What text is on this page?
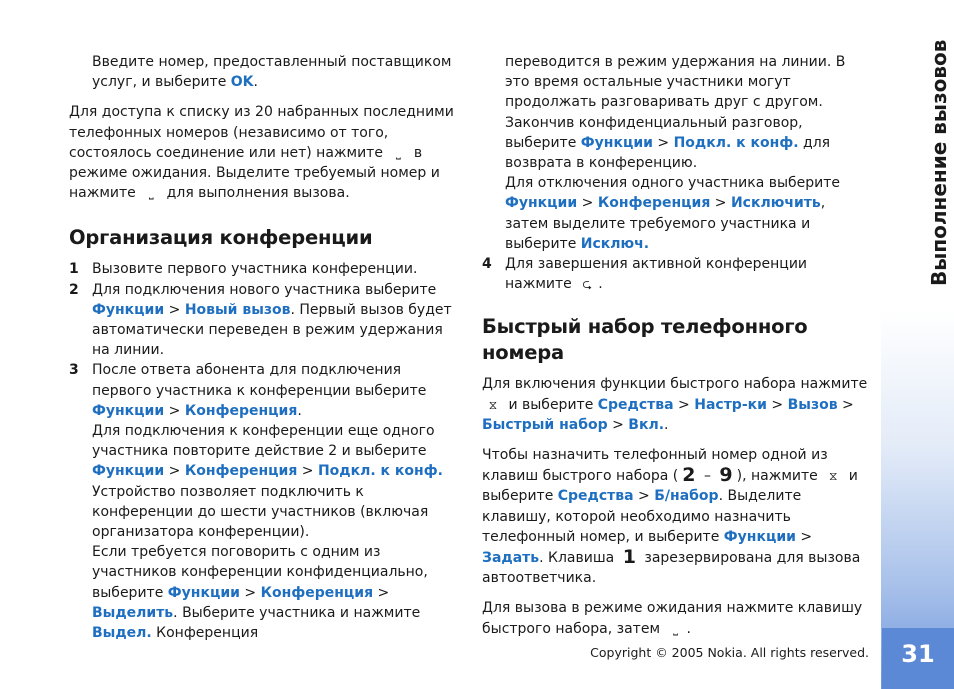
Выполнение вызовов
31
Copyright © 2005 Nokia. All rights reserved.

Введите номер, предоставленный поставщиком услуг, и выберите OK.

Для доступа к списку из 20 набранных последними телефонных номеров (независимо от того, состоялось соединение или нет) нажмите ⎵ в режиме ожидания. Выделите требуемый номер и нажмите ⎵ для выполнения вызова.

Организация конференции
1 Вызовите первого участника конференции.
2 Для подключения нового участника выберите Функции > Новый вызов. Первый вызов будет автоматически переведен в режим удержания на линии.
3 После ответа абонента для подключения первого участника к конференции выберите Функции > Конференция.

Для подключения к конференции еще одного участника повторите действие 2 и выберите Функции > Конференция > Подкл. к конф.

Устройство позволяет подключить к конференции до шести участников (включая организатора конференции).

Если требуется поговорить с одним из участников конференции конфиденциально, выберите Функции > Конференция > Выделить. Выберите участника и нажмите Выдел. Конференция

переводится в режим удержания на линии. В это время остальные участники могут продолжать разговаривать друг с другом. Закончив конфиденциальный разговор, выберите Функции > Подкл. к конф. для возврата в конференцию.

Для отключения одного участника выберите Функции > Конференция > Исключить, затем выделите требуемого участника и выберите Исключ.

4 Для завершения активной конференции нажмите ⮎ .
Быстрый набор телефонного номера

Для включения функции быстрого набора нажмите ⧖ и выберите Средства > Настр-ки > Вызов > Быстрый набор > Вкл..

Чтобы назначить телефонный номер одной из клавиш быстрого набора ( 2 – 9 ), нажмите ⧖ и выберите Средства > Б/набор. Выделите клавишу, которой необходимо назначить телефонный номер, и выберите Функции > Задать. Клавиша 1 зарезервирована для вызова автоответчика.

Для вызова в режиме ожидания нажмите клавишу быстрого набора, затем ⎵ .
